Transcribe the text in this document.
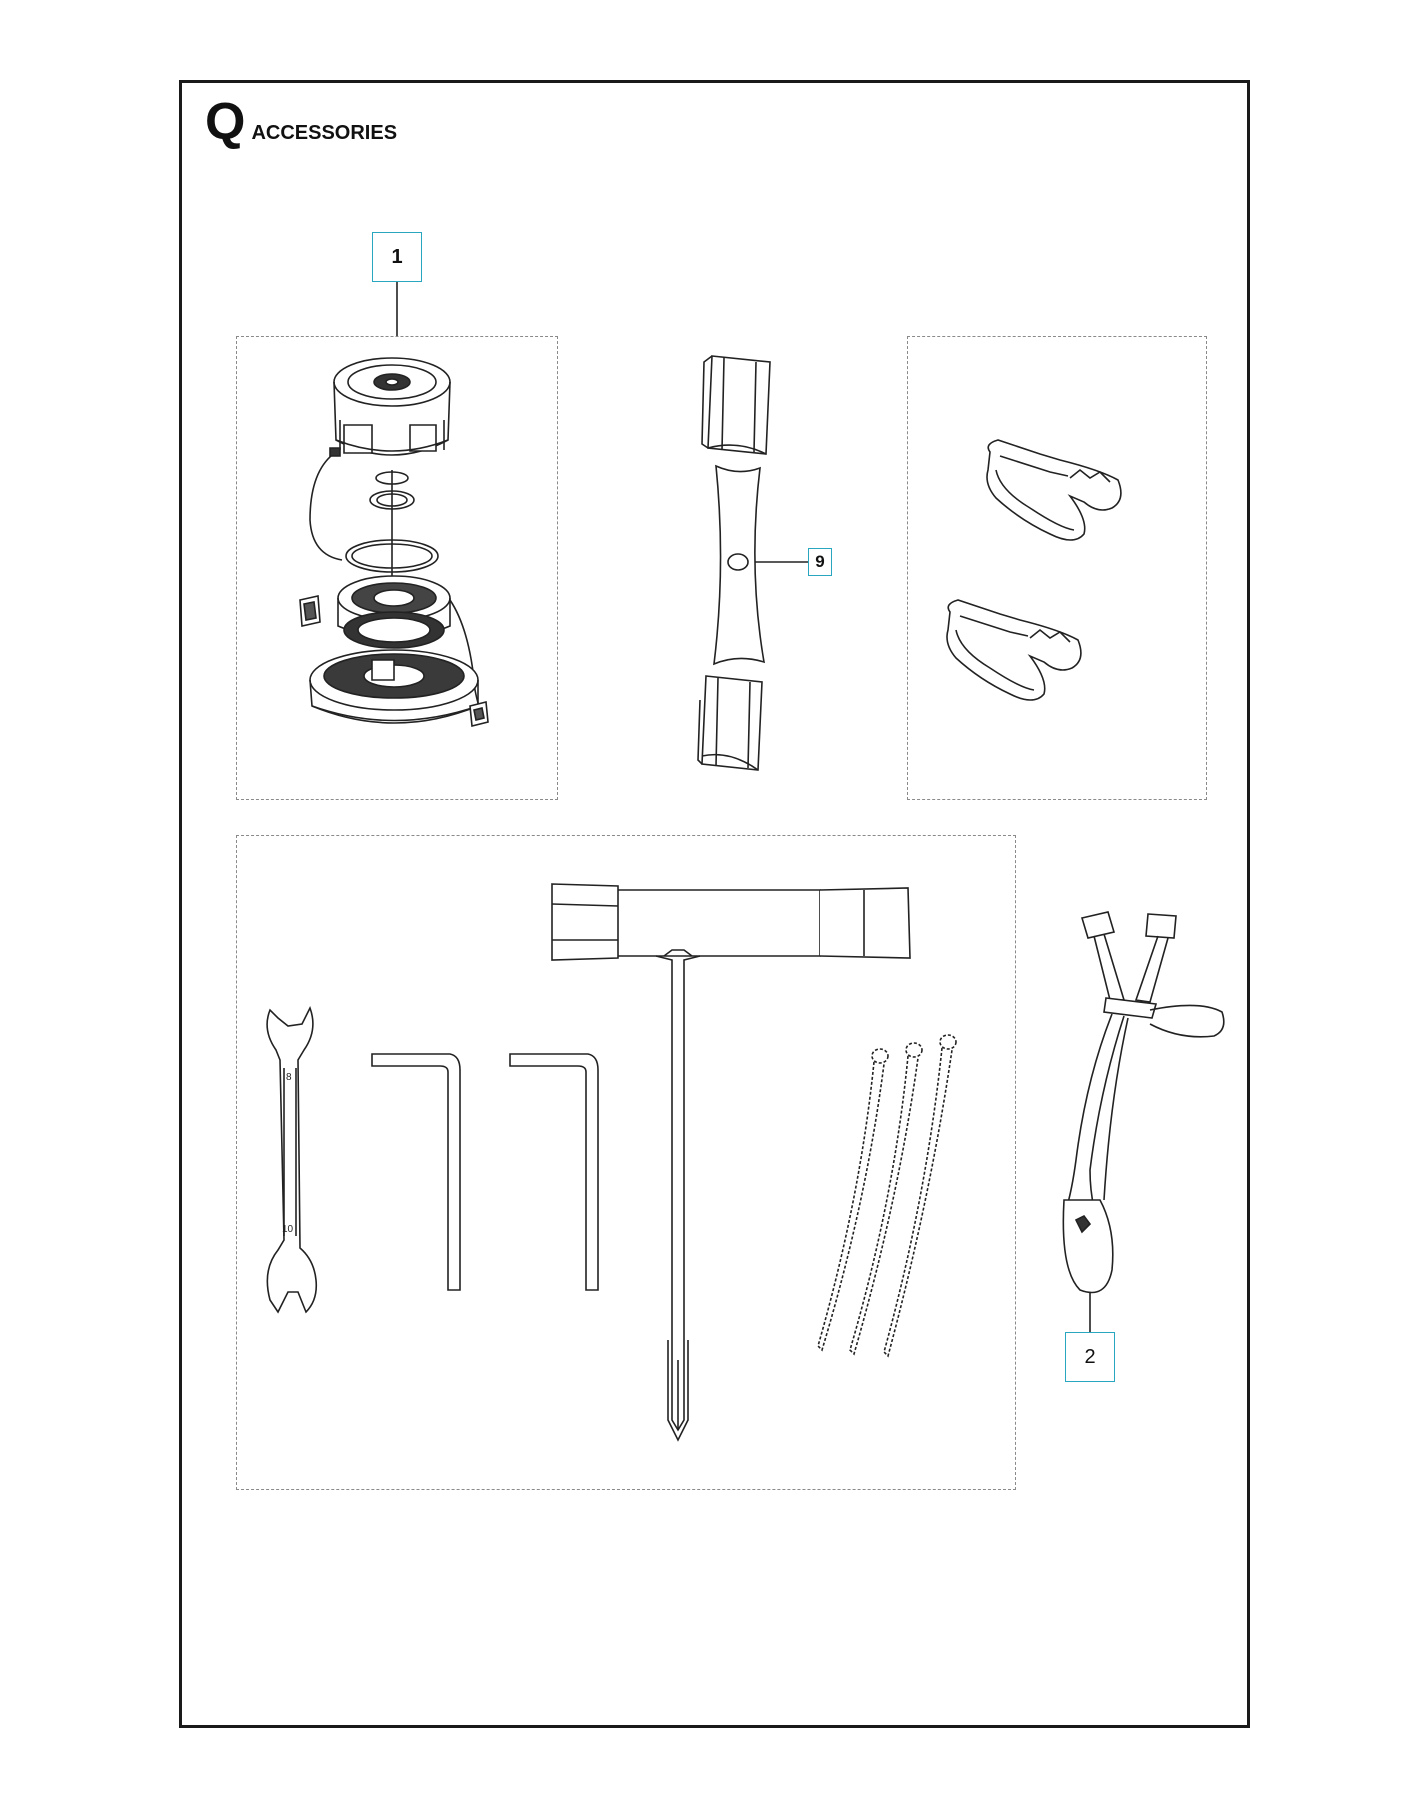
Q ACCESSORIES
1
9
2
8
10
